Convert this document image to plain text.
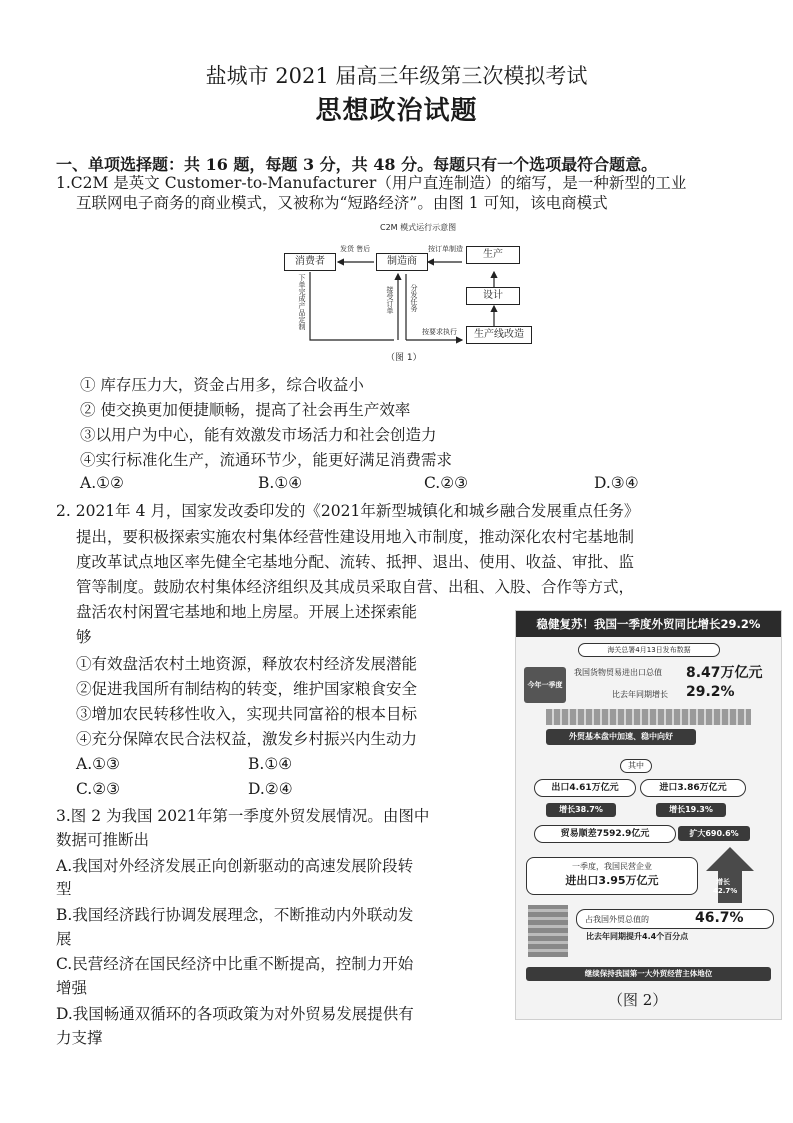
盐城市 2021 届高三年级第三次模拟考试
思想政治试题
一、单项选择题：共 16 题，每题 3 分，共 48 分。每题只有一个选项最符合题意。
1.C2M 是英文 Customer-to-Manufacturer（用户直连制造）的缩写，是一种新型的工业
互联网电子商务的商业模式，又被称为“短路经济”。由图 1 可知，该电商模式
C2M 模式运行示意图
消费者	制造商
生产
设计
生产线改造
发货 售后	按订单制造
下单完成产品定制	接受订单 分发任务
按要求执行
（图 1）
① 库存压力大，资金占用多，综合收益小
② 使交换更加便捷顺畅，提高了社会再生产效率
③以用户为中心，能有效激发市场活力和社会创造力
④实行标准化生产，流通环节少，能更好满足消费需求
A.①②	B.①④	C.②③	D.③④
2. 2021年 4 月，国家发改委印发的《2021年新型城镇化和城乡融合发展重点任务》
提出，要积极探索实施农村集体经营性建设用地入市制度，推动深化农村宅基地制
度改革试点地区率先健全宅基地分配、流转、抵押、退出、使用、收益、审批、监
管等制度。鼓励农村集体经济组织及其成员采取自营、出租、入股、合作等方式，
盘活农村闲置宅基地和地上房屋。开展上述探索能
够
①有效盘活农村土地资源，释放农村经济发展潜能
②促进我国所有制结构的转变，维护国家粮食安全
③增加农民转移性收入，实现共同富裕的根本目标
④充分保障农民合法权益，激发乡村振兴内生动力
A.①③	B.①④
C.②③	D.②④
3.图 2 为我国 2021年第一季度外贸发展情况。由图中
数据可推断出
A.我国对外经济发展正向创新驱动的高速发展阶段转
型
B.我国经济践行协调发展理念，不断推动内外联动发
展
C.民营经济在国民经济中比重不断提高，控制力开始
增强
D.我国畅通双循环的各项政策为对外贸易发展提供有
力支撑
稳健复苏！我国一季度外贸同比增长29.2%
海关总署4月13日发布数据
今年一季度
我国货物贸易进出口总值 8.47万亿元
比去年同期增长 29.2%
外贸基本盘中加速、稳中向好
其中
出口4.61万亿元	进口3.86万亿元
增长38.7%	增长19.3%
贸易顺差7592.9亿元	扩大690.6%
一季度，我国民营企业
进出口3.95万亿元	增长
42.7%
占我国外贸总值的	46.7%
比去年同期提升4.4个百分点
继续保持我国第一大外贸经营主体地位
（图 2）
